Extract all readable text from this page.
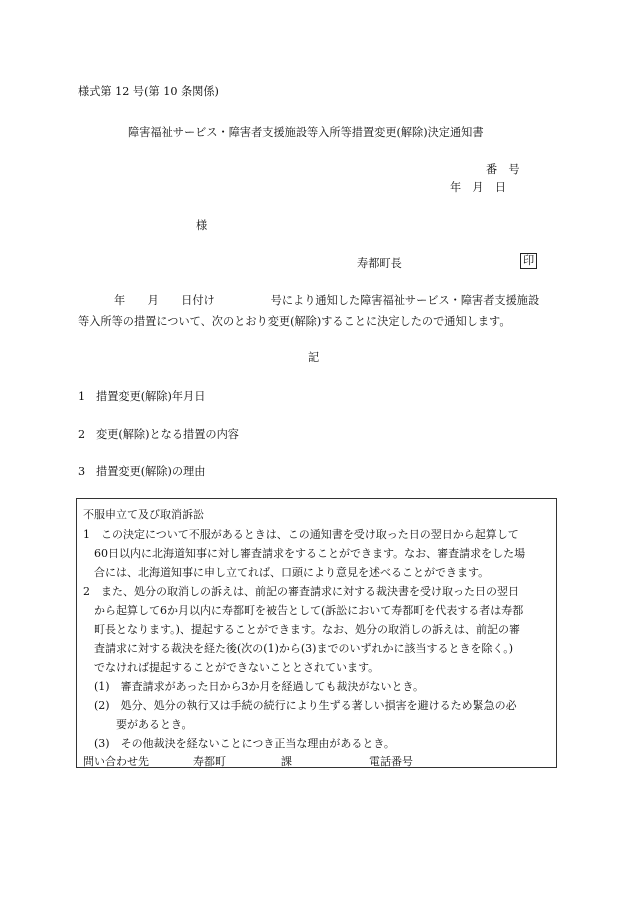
様式第 12 号(第 10 条関係)
障害福祉サービス・障害者支援施設等入所等措置変更(解除)決定通知書
番　号
年　月　日
様
寿都町長	印
年　　月　　日付け　　　　　号により通知した障害福祉サービス・障害者支援施設
等入所等の措置について、次のとおり変更(解除)することに決定したので通知します。
記
1 措置変更(解除)年月日
2 変更(解除)となる措置の内容
3 措置変更(解除)の理由
不服申立て及び取消訴訟
1　この決定について不服があるときは、この通知書を受け取った日の翌日から起算して
　60日以内に北海道知事に対し審査請求をすることができます。なお、審査請求をした場
　合には、北海道知事に申し立てれば、口頭により意見を述べることができます。
2　また、処分の取消しの訴えは、前記の審査請求に対する裁決書を受け取った日の翌日
　から起算して6か月以内に寿都町を被告として(訴訟において寿都町を代表する者は寿都
　町長となります。)、提起することができます。なお、処分の取消しの訴えは、前記の審
　査請求に対する裁決を経た後(次の(1)から(3)までのいずれかに該当するときを除く。)
　でなければ提起することができないこととされています。
　(1)　審査請求があった日から3か月を経過しても裁決がないとき。
　(2)　処分、処分の執行又は手続の続行により生ずる著しい損害を避けるため緊急の必
　　　要があるとき。
　(3)　その他裁決を経ないことにつき正当な理由があるとき。
問い合わせ先　　　　寿都町　　　　　課　　　　　　　電話番号
